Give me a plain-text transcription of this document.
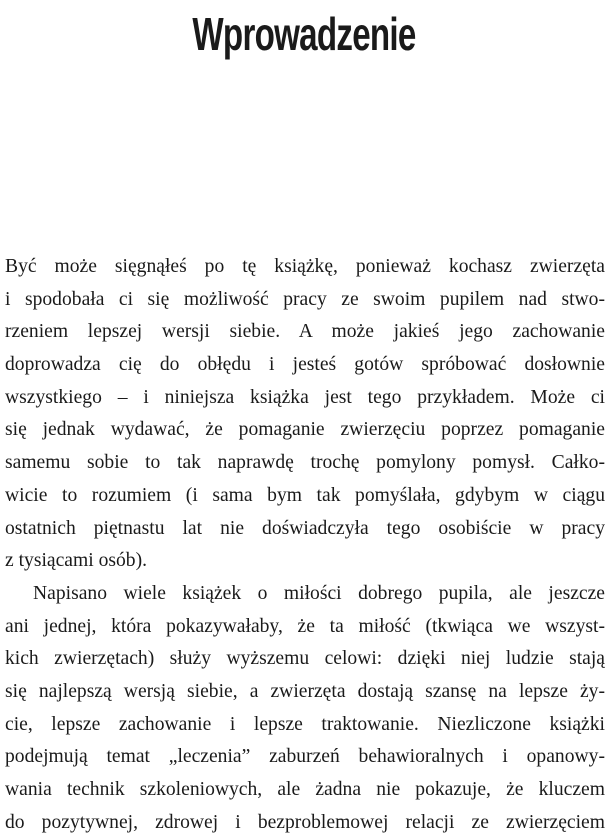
Wprowadzenie
Być może sięgnąłeś po tę książkę, ponieważ kochasz zwierzęta
i spodobała ci się możliwość pracy ze swoim pupilem nad stwo-
rzeniem lepszej wersji siebie. A może jakieś jego zachowanie
doprowadza cię do obłędu i jesteś gotów spróbować dosłownie
wszystkiego – i niniejsza książka jest tego przykładem. Może ci
się jednak wydawać, że pomaganie zwierzęciu poprzez pomaganie
samemu sobie to tak naprawdę trochę pomylony pomysł. Całko-
wicie to rozumiem (i sama bym tak pomyślała, gdybym w ciągu
ostatnich piętnastu lat nie doświadczyła tego osobiście w pracy
z tysiącami osób).
Napisano wiele książek o miłości dobrego pupila, ale jeszcze
ani jednej, która pokazywałaby, że ta miłość (tkwiąca we wszyst-
kich zwierzętach) służy wyższemu celowi: dzięki niej ludzie stają
się najlepszą wersją siebie, a zwierzęta dostają szansę na lepsze ży-
cie, lepsze zachowanie i lepsze traktowanie. Niezliczone książki
podejmują temat „leczenia” zaburzeń behawioralnych i opanowy-
wania technik szkoleniowych, ale żadna nie pokazuje, że kluczem
do pozytywnej, zdrowej i bezproblemowej relacji ze zwierzęciem
